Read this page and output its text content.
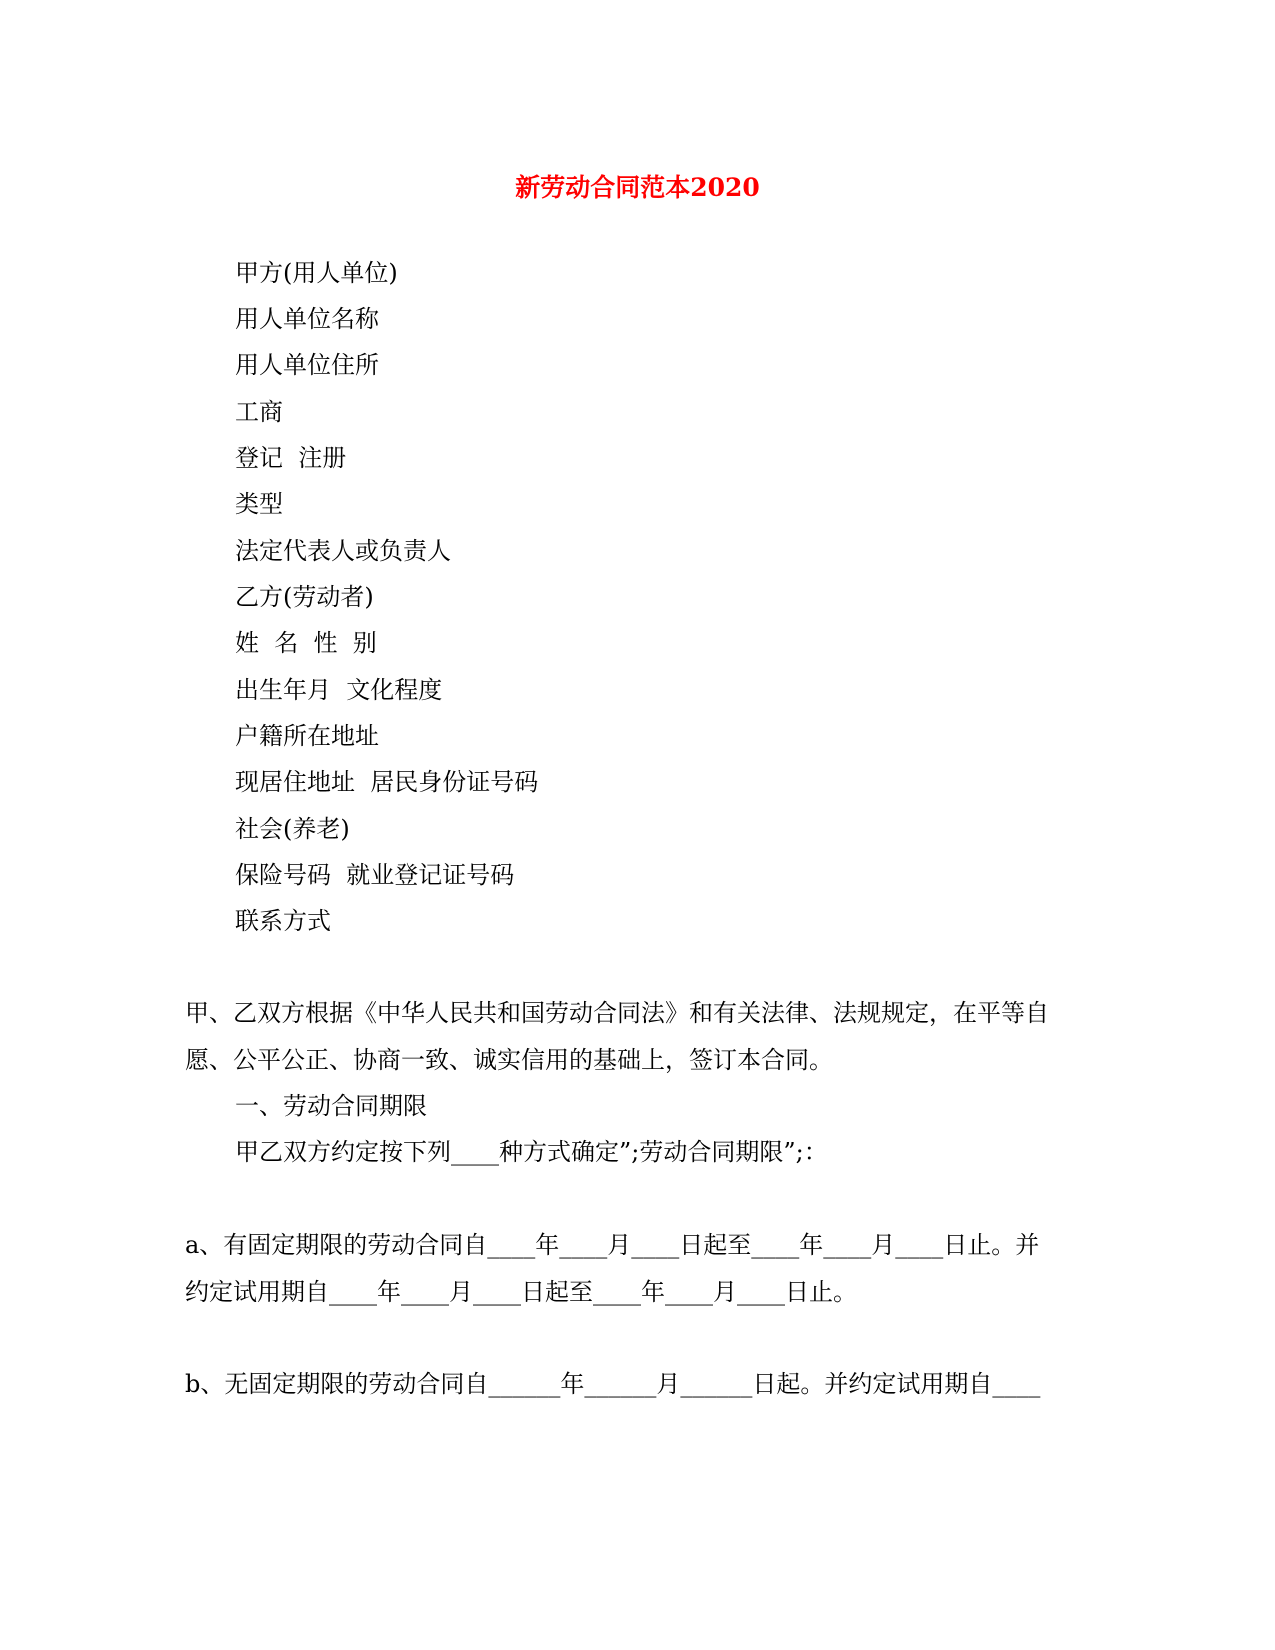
新劳动合同范本2020
甲方(用人单位)
用人单位名称
用人单位住所
工商
登记  注册
类型
法定代表人或负责人
乙方(劳动者)
姓  名  性  别
出生年月  文化程度
户籍所在地址
现居住地址  居民身份证号码
社会(养老)
保险号码  就业登记证号码
联系方式
甲、乙双方根据《中华人民共和国劳动合同法》和有关法律、法规规定，在平等自
愿、公平公正、协商一致、诚实信用的基础上，签订本合同。
一、劳动合同期限
甲乙双方约定按下列____种方式确定”;劳动合同期限”;：
a、有固定期限的劳动合同自____年____月____日起至____年____月____日止。并
约定试用期自____年____月____日起至____年____月____日止。
b、无固定期限的劳动合同自______年______月______日起。并约定试用期自____
